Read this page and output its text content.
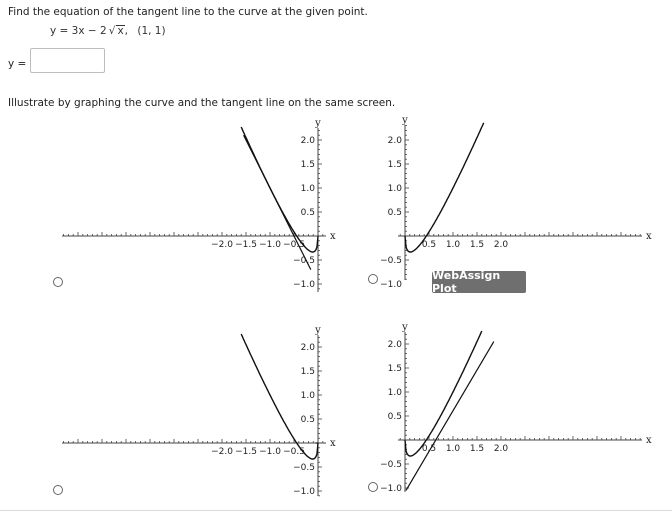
Find the equation of the tangent line to the curve at the given point.
y = 3x − 2 √ x, (1, 1)
y =
Illustrate by graphing the curve and the tangent line on the same screen.
−2.0 −1.5 −1.0 −0.5
2.0
1.5
1.0
0.5
−0.5
−1.0
y
x
0.5 1.0 1.5 2.0
2.0
1.5
1.0
0.5
−0.5
−1.0
y
x
−2.0 −1.5 −1.0 −0.5
2.0
1.5
1.0
0.5
−0.5
−1.0
y
x	0.5 1.0 1.5 2.0
2.0
1.5
1.0
0.5
−0.5
−1.0
y
x
WebAssign Plot
